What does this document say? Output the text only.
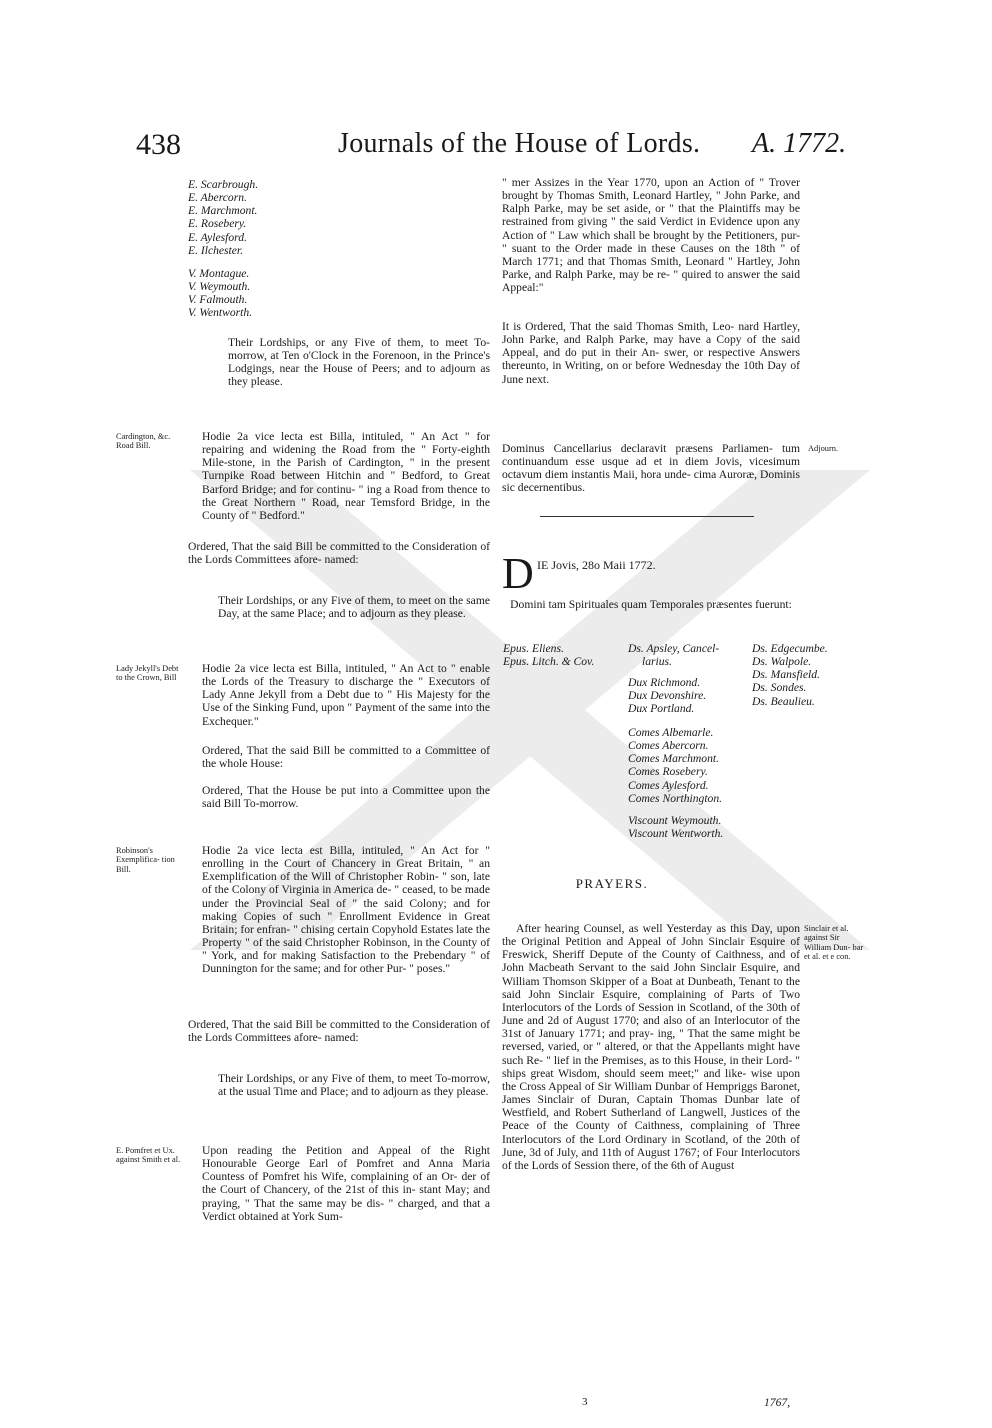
438	Journals of the House of Lords. A. 1772.
E. Scarbrough.
E. Abercorn.
E. Marchmont.
E. Rosebery.
E. Aylesford.
E. Ilchester.
V. Montague.
V. Weymouth.
V. Falmouth.
V. Wentworth.

Their Lordships, or any Five of them, to meet To-morrow, at Ten o'Clock in the Forenoon, in the Prince's Lodgings, near the House of Peers; and to adjourn as they please.

Cardington, &c. Road Bill.

Hodie 2a vice lecta est Billa, intituled, " An Act " for repairing and widening the Road from the " Forty-eighth Mile-stone, in the Parish of Cardington, " in the present Turnpike Road between Hitchin and " Bedford, to Great Barford Bridge; and for continu- " ing a Road from thence to the Great Northern " Road, near Temsford Bridge, in the County of " Bedford."

Ordered, That the said Bill be committed to the Consideration of the Lords Committees afore- named:

Their Lordships, or any Five of them, to meet on the same Day, at the same Place; and to adjourn as they please.

Lady Jekyll's Debt to the Crown, Bill

Hodie 2a vice lecta est Billa, intituled, " An Act to " enable the Lords of the Treasury to discharge the " Executors of Lady Anne Jekyll from a Debt due to " His Majesty for the Use of the Sinking Fund, upon " Payment of the same into the Exchequer."

Ordered, That the said Bill be committed to a Committee of the whole House:

Ordered, That the House be put into a Committee upon the said Bill To-morrow.

Robinson's Exemplifica- tion Bill.

Hodie 2a vice lecta est Billa, intituled, " An Act for " enrolling in the Court of Chancery in Great Britain, " an Exemplification of the Will of Christopher Robin- " son, late of the Colony of Virginia in America de- " ceased, to be made under the Provincial Seal of " the said Colony; and for making Copies of such " Enrollment Evidence in Great Britain; for enfran- " chising certain Copyhold Estates late the Property " of the said Christopher Robinson, in the County of " York, and for making Satisfaction to the Prebendary " of Dunnington for the same; and for other Pur- " poses."

Ordered, That the said Bill be committed to the Consideration of the Lords Committees afore- named:

Their Lordships, or any Five of them, to meet To-morrow, at the usual Time and Place; and to adjourn as they please.

E. Pomfret et Ux. against Smith et al.

Upon reading the Petition and Appeal of the Right Honourable George Earl of Pomfret and Anna Maria Countess of Pomfret his Wife, complaining of an Or- der of the Court of Chancery, of the 21st of this in- stant May; and praying, " That the same may be dis- " charged, and that a Verdict obtained at York Sum-

" mer Assizes in the Year 1770, upon an Action of " Trover brought by Thomas Smith, Leonard Hartley, " John Parke, and Ralph Parke, may be set aside, or " that the Plaintiffs may be restrained from giving " the said Verdict in Evidence upon any Action of " Law which shall be brought by the Petitioners, pur- " suant to the Order made in these Causes on the 18th " of March 1771; and that Thomas Smith, Leonard " Hartley, John Parke, and Ralph Parke, may be re- " quired to answer the said Appeal:"

It is Ordered, That the said Thomas Smith, Leo- nard Hartley, John Parke, and Ralph Parke, may have a Copy of the said Appeal, and do put in their An- swer, or respective Answers thereunto, in Writing, on or before Wednesday the 10th Day of June next.

Adjourn.

Dominus Cancellarius declaravit præsens Parliamen- tum continuandum esse usque ad et in diem Jovis, vicesimum octavum diem instantis Maii, hora unde- cima Auroræ, Dominis sic decernentibus.

D IE Jovis, 28o Maii 1772.

Domini tam Spirituales quam Temporales præsentes fuerunt:

Epus. Eliens.
Epus. Litch. & Cov.
Ds. Apsley, Cancel-
larius.
Dux Richmond.
Dux Devonshire.
Dux Portland.
Comes Albemarle.
Comes Abercorn.
Comes Marchmont.
Comes Rosebery.
Comes Aylesford.
Comes Northington.
Viscount Weymouth.
Viscount Wentworth.
Ds. Edgecumbe.
Ds. Walpole.
Ds. Mansfield.
Ds. Sondes.
Ds. Beaulieu.
PRAYERS.
Sinclair et al. against Sir William Dun- bar et al. et e con.

After hearing Counsel, as well Yesterday as this Day, upon the Original Petition and Appeal of John Sinclair Esquire of Freswick, Sheriff Depute of the County of Caithness, and of John Macbeath Servant to the said John Sinclair Esquire, and William Thomson Skipper of a Boat at Dunbeath, Tenant to the said John Sinclair Esquire, complaining of Parts of Two Interlocutors of the Lords of Session in Scotland, of the 30th of June and 2d of August 1770; and also of an Interlocutor of the 31st of January 1771; and pray- ing, " That the same might be reversed, varied, or " altered, or that the Appellants might have such Re- " lief in the Premises, as to this House, in their Lord- " ships great Wisdom, should seem meet;" and like- wise upon the Cross Appeal of Sir William Dunbar of Hempriggs Baronet, James Sinclair of Duran, Captain Thomas Dunbar late of Westfield, and Robert Sutherland of Langwell, Justices of the Peace of the County of Caithness, complaining of Three Interlocutors of the Lord Ordinary in Scotland, of the 20th of June, 3d of July, and 11th of August 1767; of Four Interlocutors of the Lords of Session there, of the 6th of August

3	1767,
